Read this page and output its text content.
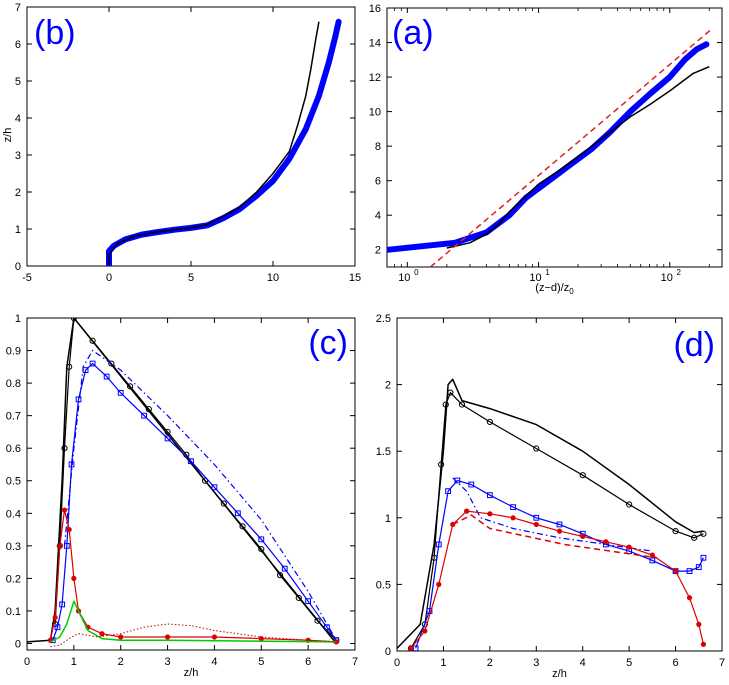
-5	0	5	10	15
0
1
2
3
4
5
6
7
z/h
(b)
10 0	10 1	10 2
2
4
6
8
10
12
14
16
$(z-d)/z_0$
(a)
0	1	2	3	4	5	6	7
0
0.1
0.2
0.3
0.4
0.5
0.6
0.7
0.8
0.9
1
z/h
(c)
0	1	2	3	4	5	6	7
0
0.5
1
1.5
2
2.5
z/h
(d)
